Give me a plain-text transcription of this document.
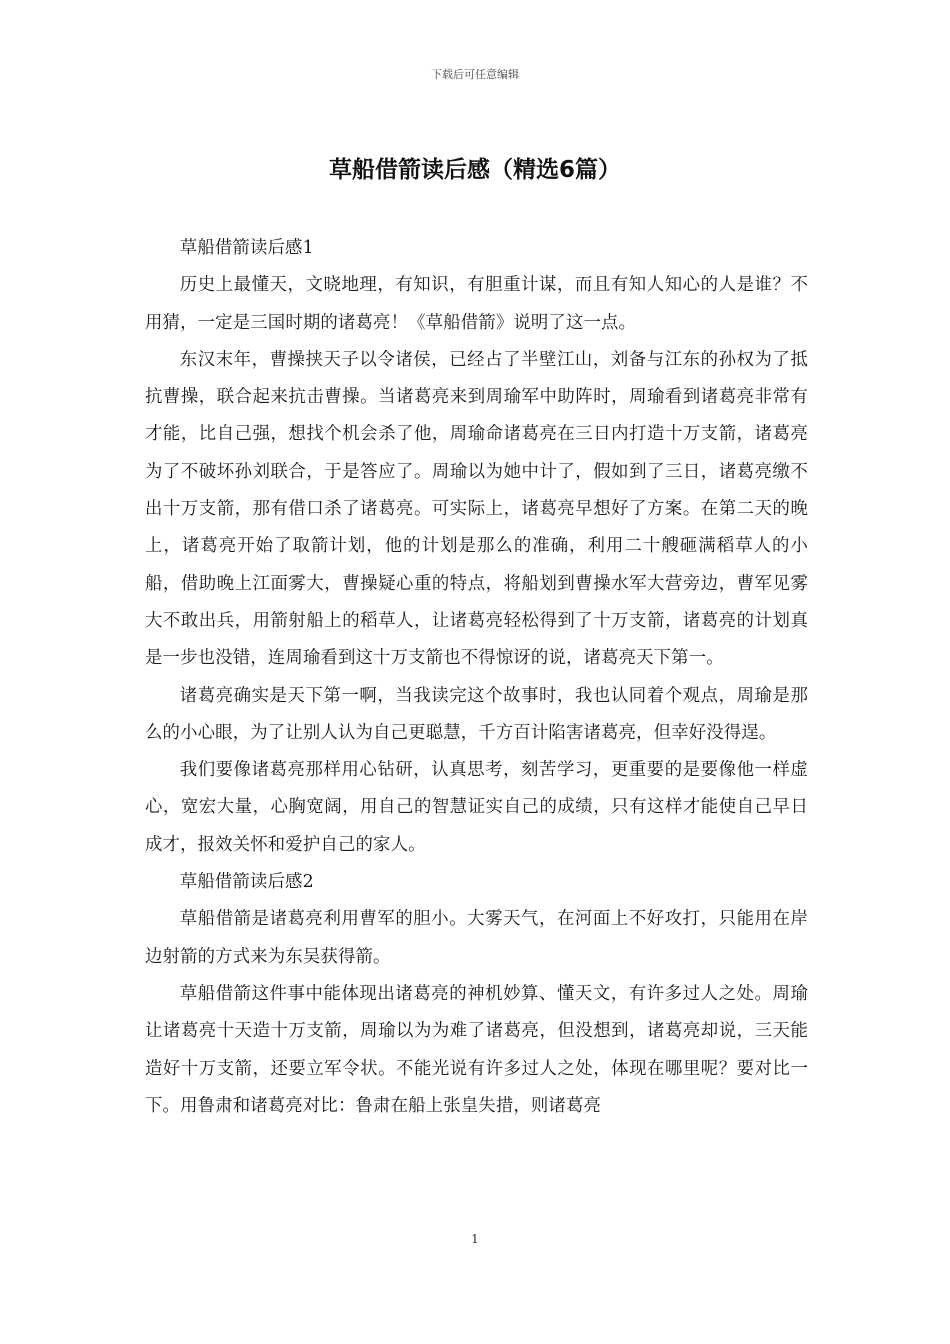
下载后可任意编辑
草船借箭读后感（精选6篇）

草船借箭读后感1

历史上最懂天，文晓地理，有知识，有胆重计谋，而且有知人知心的人是谁？不用猜，一定是三国时期的诸葛亮！《草船借箭》说明了这一点。

东汉末年，曹操挟天子以令诸侯，已经占了半壁江山，刘备与江东的孙权为了抵抗曹操，联合起来抗击曹操。当诸葛亮来到周瑜军中助阵时，周瑜看到诸葛亮非常有才能，比自己强，想找个机会杀了他，周瑜命诸葛亮在三日内打造十万支箭，诸葛亮为了不破坏孙刘联合，于是答应了。周瑜以为她中计了，假如到了三日，诸葛亮缴不出十万支箭，那有借口杀了诸葛亮。可实际上，诸葛亮早想好了方案。在第二天的晚上，诸葛亮开始了取箭计划，他的计划是那么的准确，利用二十艘砸满稻草人的小船，借助晚上江面雾大，曹操疑心重的特点，将船划到曹操水军大营旁边，曹军见雾大不敢出兵，用箭射船上的稻草人，让诸葛亮轻松得到了十万支箭，诸葛亮的计划真是一步也没错，连周瑜看到这十万支箭也不得惊讶的说，诸葛亮天下第一。

诸葛亮确实是天下第一啊，当我读完这个故事时，我也认同着个观点，周瑜是那么的小心眼，为了让别人认为自己更聪慧，千方百计陷害诸葛亮，但幸好没得逞。

我们要像诸葛亮那样用心钻研，认真思考，刻苦学习，更重要的是要像他一样虚心，宽宏大量，心胸宽阔，用自己的智慧证实自己的成绩，只有这样才能使自己早日成才，报效关怀和爱护自己的家人。

草船借箭读后感2

草船借箭是诸葛亮利用曹军的胆小。大雾天气，在河面上不好攻打，只能用在岸边射箭的方式来为东吴获得箭。

草船借箭这件事中能体现出诸葛亮的神机妙算、懂天文，有许多过人之处。周瑜让诸葛亮十天造十万支箭，周瑜以为为难了诸葛亮，但没想到，诸葛亮却说，三天能造好十万支箭，还要立军令状。不能光说有许多过人之处，体现在哪里呢？要对比一下。用鲁肃和诸葛亮对比：鲁肃在船上张皇失措，则诸葛亮

1
